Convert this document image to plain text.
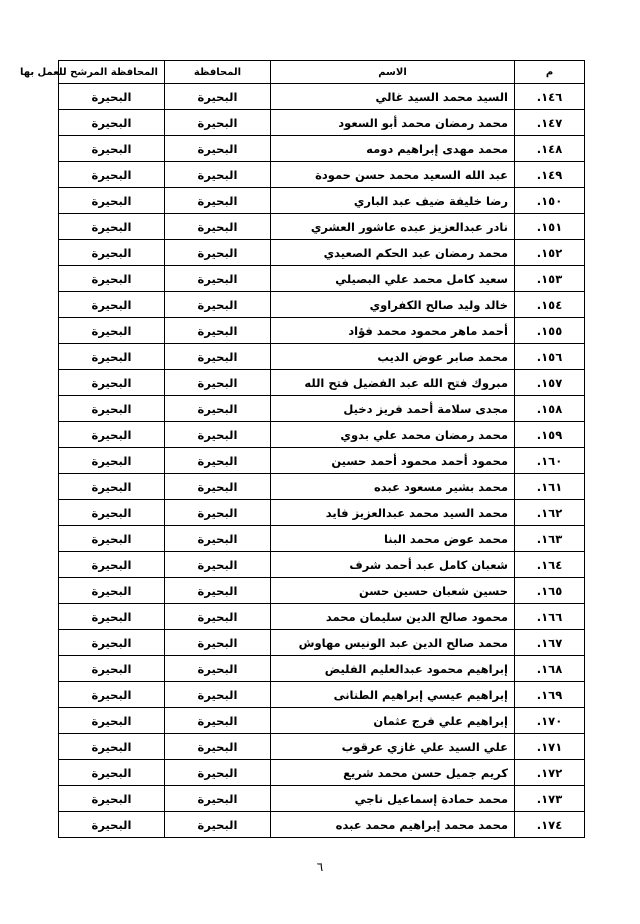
م	الاسم	المحافظة	المحافظة المرشح للعمل بها
١٤٦.	السيد محمد السيد غالي	البحيرة	البحيرة
١٤٧.	محمد رمضان محمد أبو السعود	البحيرة	البحيرة
١٤٨.	محمد مهدى إبراهيم دومه	البحيرة	البحيرة
١٤٩.	عبد الله السعيد محمد حسن حمودة	البحيرة	البحيرة
١٥٠.	رضا خليفة ضيف عبد الباري	البحيرة	البحيرة
١٥١.	نادر عبدالعزيز عبده عاشور العشري	البحيرة	البحيرة
١٥٢.	محمد رمضان عبد الحكم الصعيدي	البحيرة	البحيرة
١٥٣.	سعيد كامل محمد علي البصيلي	البحيرة	البحيرة
١٥٤.	خالد وليد صالح الكفراوي	البحيرة	البحيرة
١٥٥.	أحمد ماهر محمود محمد فؤاد	البحيرة	البحيرة
١٥٦.	محمد صابر عوض الديب	البحيرة	البحيرة
١٥٧.	مبروك فتح الله عبد الفضيل فتح الله	البحيرة	البحيرة
١٥٨.	مجدى سلامة أحمد فريز دخيل	البحيرة	البحيرة
١٥٩.	محمد رمضان محمد علي بدوي	البحيرة	البحيرة
١٦٠.	محمود أحمد محمود أحمد حسين	البحيرة	البحيرة
١٦١.	محمد بشير مسعود عبده	البحيرة	البحيرة
١٦٢.	محمد السيد محمد عبدالعزيز فايد	البحيرة	البحيرة
١٦٣.	محمد عوض محمد البنا	البحيرة	البحيرة
١٦٤.	شعبان كامل عبد أحمد شرف	البحيرة	البحيرة
١٦٥.	حسين شعبان حسين حسن	البحيرة	البحيرة
١٦٦.	محمود صالح الدين سليمان محمد	البحيرة	البحيرة
١٦٧.	محمد صالح الدين عبد الونيس مهاوش	البحيرة	البحيرة
١٦٨.	إبراهيم محمود عبدالعليم الفليض	البحيرة	البحيرة
١٦٩.	إبراهيم عيسي إبراهيم الطنانى	البحيرة	البحيرة
١٧٠.	إبراهيم علي فرج عثمان	البحيرة	البحيرة
١٧١.	علي السيد علي غازي عرقوب	البحيرة	البحيرة
١٧٢.	كريم جميل حسن محمد شريع	البحيرة	البحيرة
١٧٣.	محمد حمادة إسماعيل ناجي	البحيرة	البحيرة
١٧٤.	محمد محمد إبراهيم محمد عبده	البحيرة	البحيرة
٦
